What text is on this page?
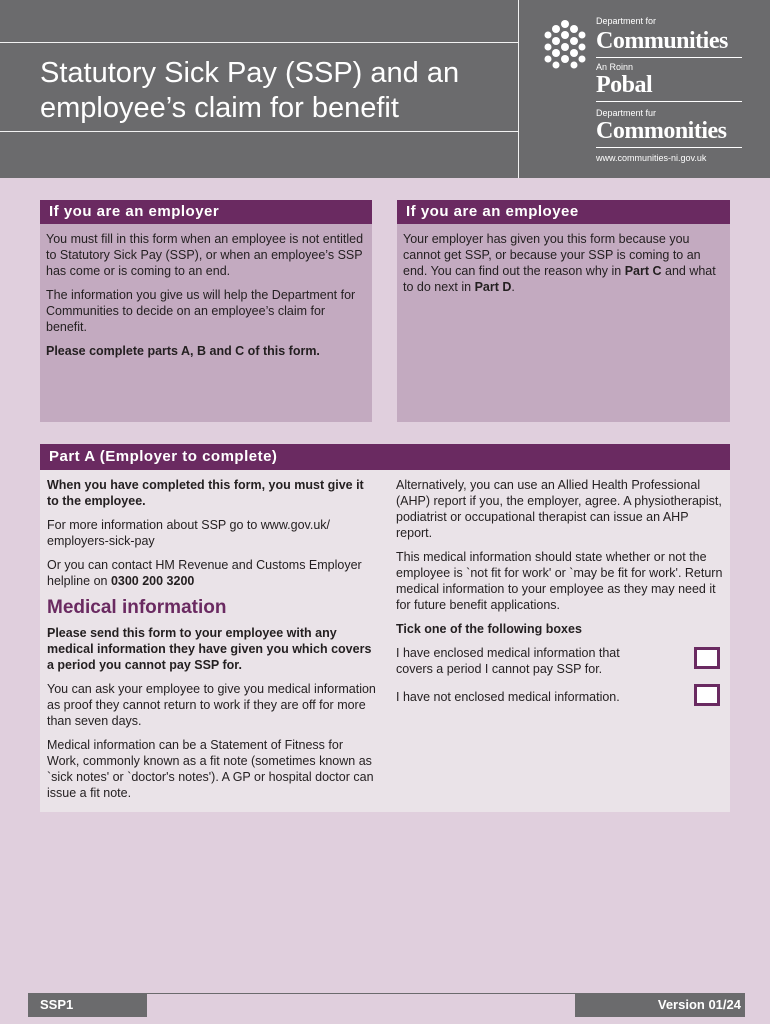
Statutory Sick Pay (SSP) and an
employee’s claim for benefit
Department for
Communities
An Roinn
Pobal
Department fur
Commonities
www.communities-ni.gov.uk
If you are an employer

You must fill in this form when an employee is not entitled to Statutory Sick Pay (SSP), or when an employee’s SSP has come or is coming to an end.

The information you give us will help the Department for Communities to decide on an employee’s claim for benefit.

Please complete parts A, B and C of this form.

If you are an employee

Your employer has given you this form because you cannot get SSP, or because your SSP is coming to an end. You can find out the reason why in Part C and what to do next in Part D.

Part A (Employer to complete)

When you have completed this form, you must give it to the employee.

For more information about SSP go to www.gov.uk/ employers-sick-pay

Or you can contact HM Revenue and Customs Employer helpline on 0300 200 3200

Medical information

Please send this form to your employee with any medical information they have given you which covers a period you cannot pay SSP for.

You can ask your employee to give you medical information as proof they cannot return to work if they are off for more than seven days.

Medical information can be a Statement of Fitness for Work, commonly known as a fit note (sometimes known as `sick notes' or `doctor's notes'). A GP or hospital doctor can issue a fit note.

Alternatively, you can use an Allied Health Professional (AHP) report if you, the employer, agree. A physiotherapist, podiatrist or occupational therapist can issue an AHP report.

This medical information should state whether or not the employee is `not fit for work' or `may be fit for work'. Return medical information to your employee as they may need it for future benefit applications.

Tick one of the following boxes

I have enclosed medical information that covers a period I cannot pay SSP for.
I have not enclosed medical information.
SSP1	Version 01/24
